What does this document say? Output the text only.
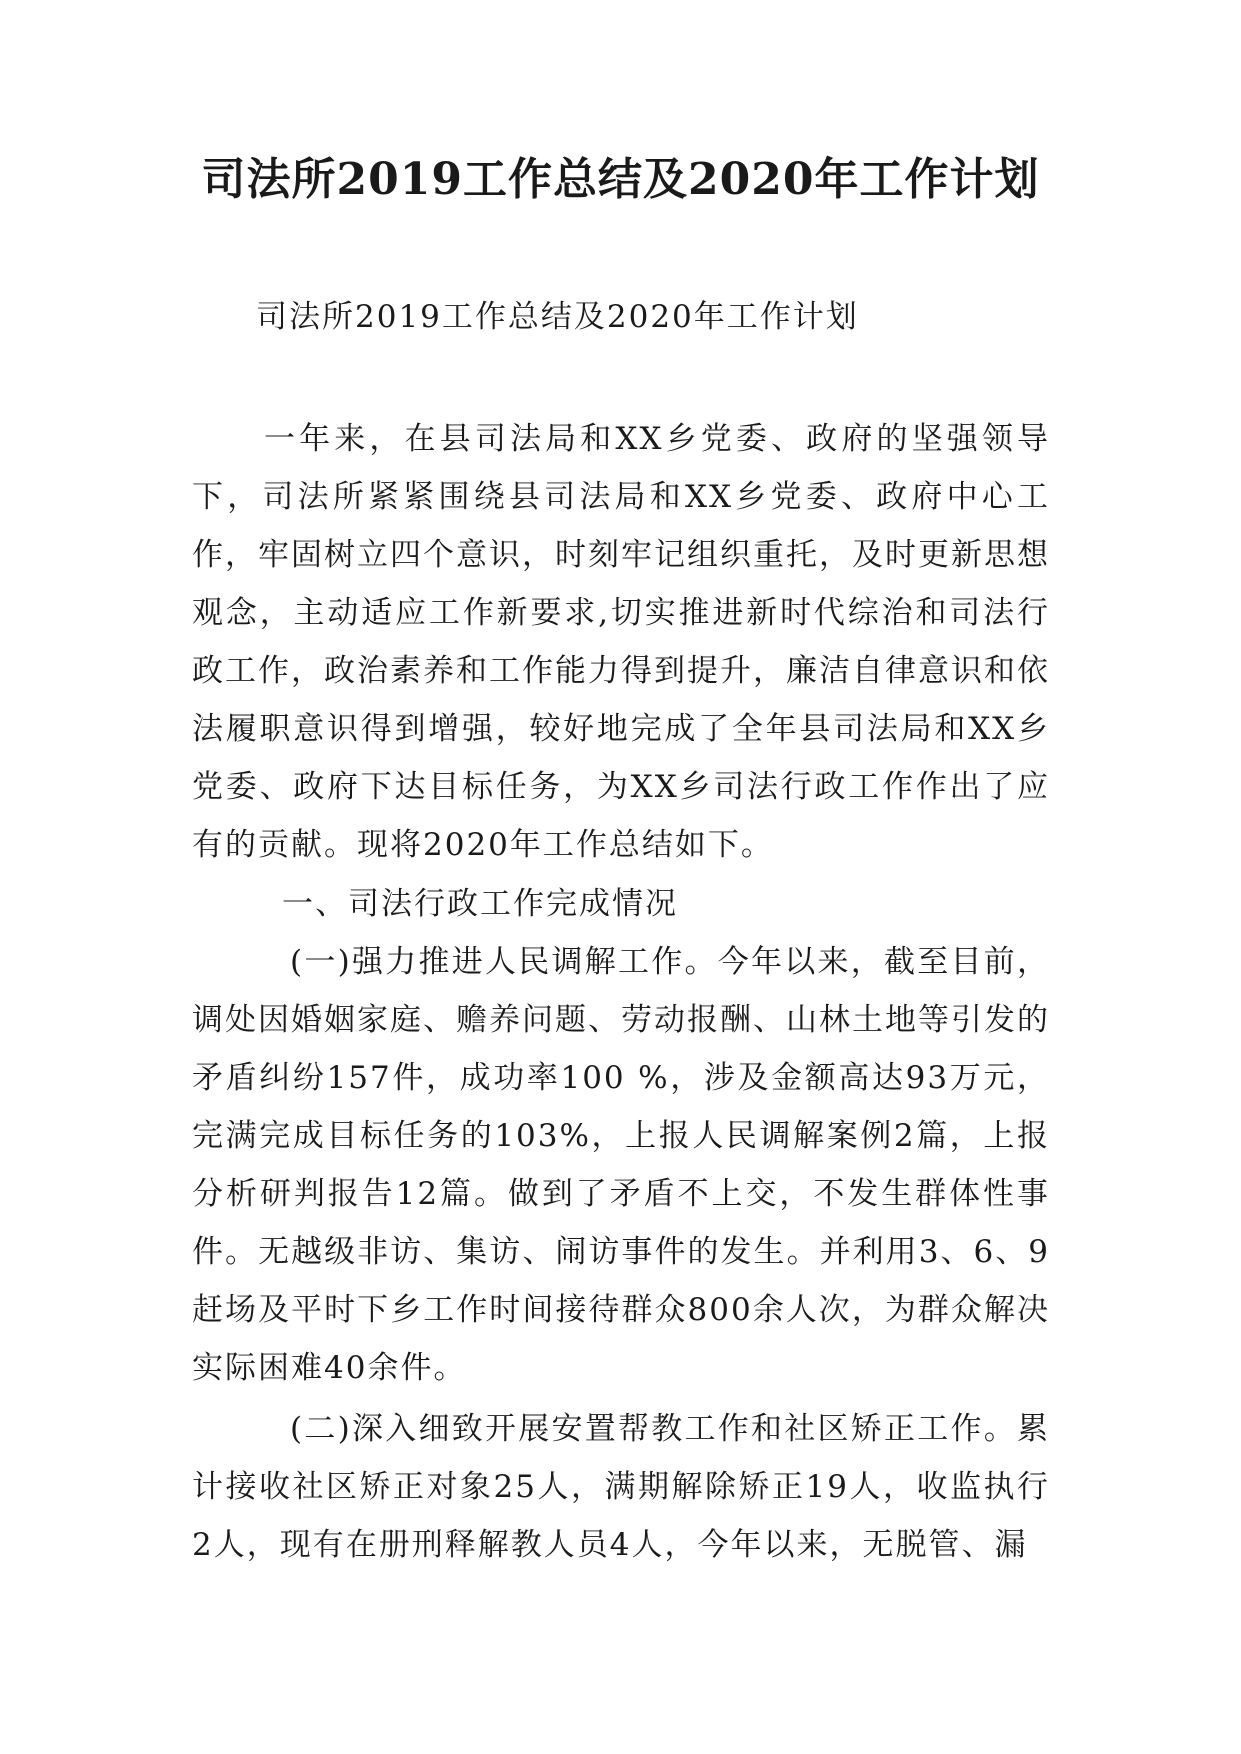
司法所2019工作总结及2020年工作计划

司法所2019工作总结及2020年工作计划

一年来，在县司法局和XX乡党委、政府的坚强领导下，司法所紧紧围绕县司法局和XX乡党委、政府中心工作，牢固树立四个意识，时刻牢记组织重托，及时更新思想观念，主动适应工作新要求,切实推进新时代综治和司法行政工作，政治素养和工作能力得到提升，廉洁自律意识和依法履职意识得到增强，较好地完成了全年县司法局和XX乡党委、政府下达目标任务，为XX乡司法行政工作作出了应有的贡献。现将2020年工作总结如下。

一、司法行政工作完成情况

(一)强力推进人民调解工作。今年以来，截至目前，调处因婚姻家庭、赡养问题、劳动报酬、山林土地等引发的矛盾纠纷157件，成功率100 %，涉及金额高达93万元，完满完成目标任务的103%，上报人民调解案例2篇，上报分析研判报告12篇。做到了矛盾不上交，不发生群体性事件。无越级非访、集访、闹访事件的发生。并利用3、6、9赶场及平时下乡工作时间接待群众800余人次，为群众解决实际困难40余件。

(二)深入细致开展安置帮教工作和社区矫正工作。累计接收社区矫正对象25人，满期解除矫正19人，收监执行2人，现有在册刑释解教人员4人，今年以来，无脱管、漏
